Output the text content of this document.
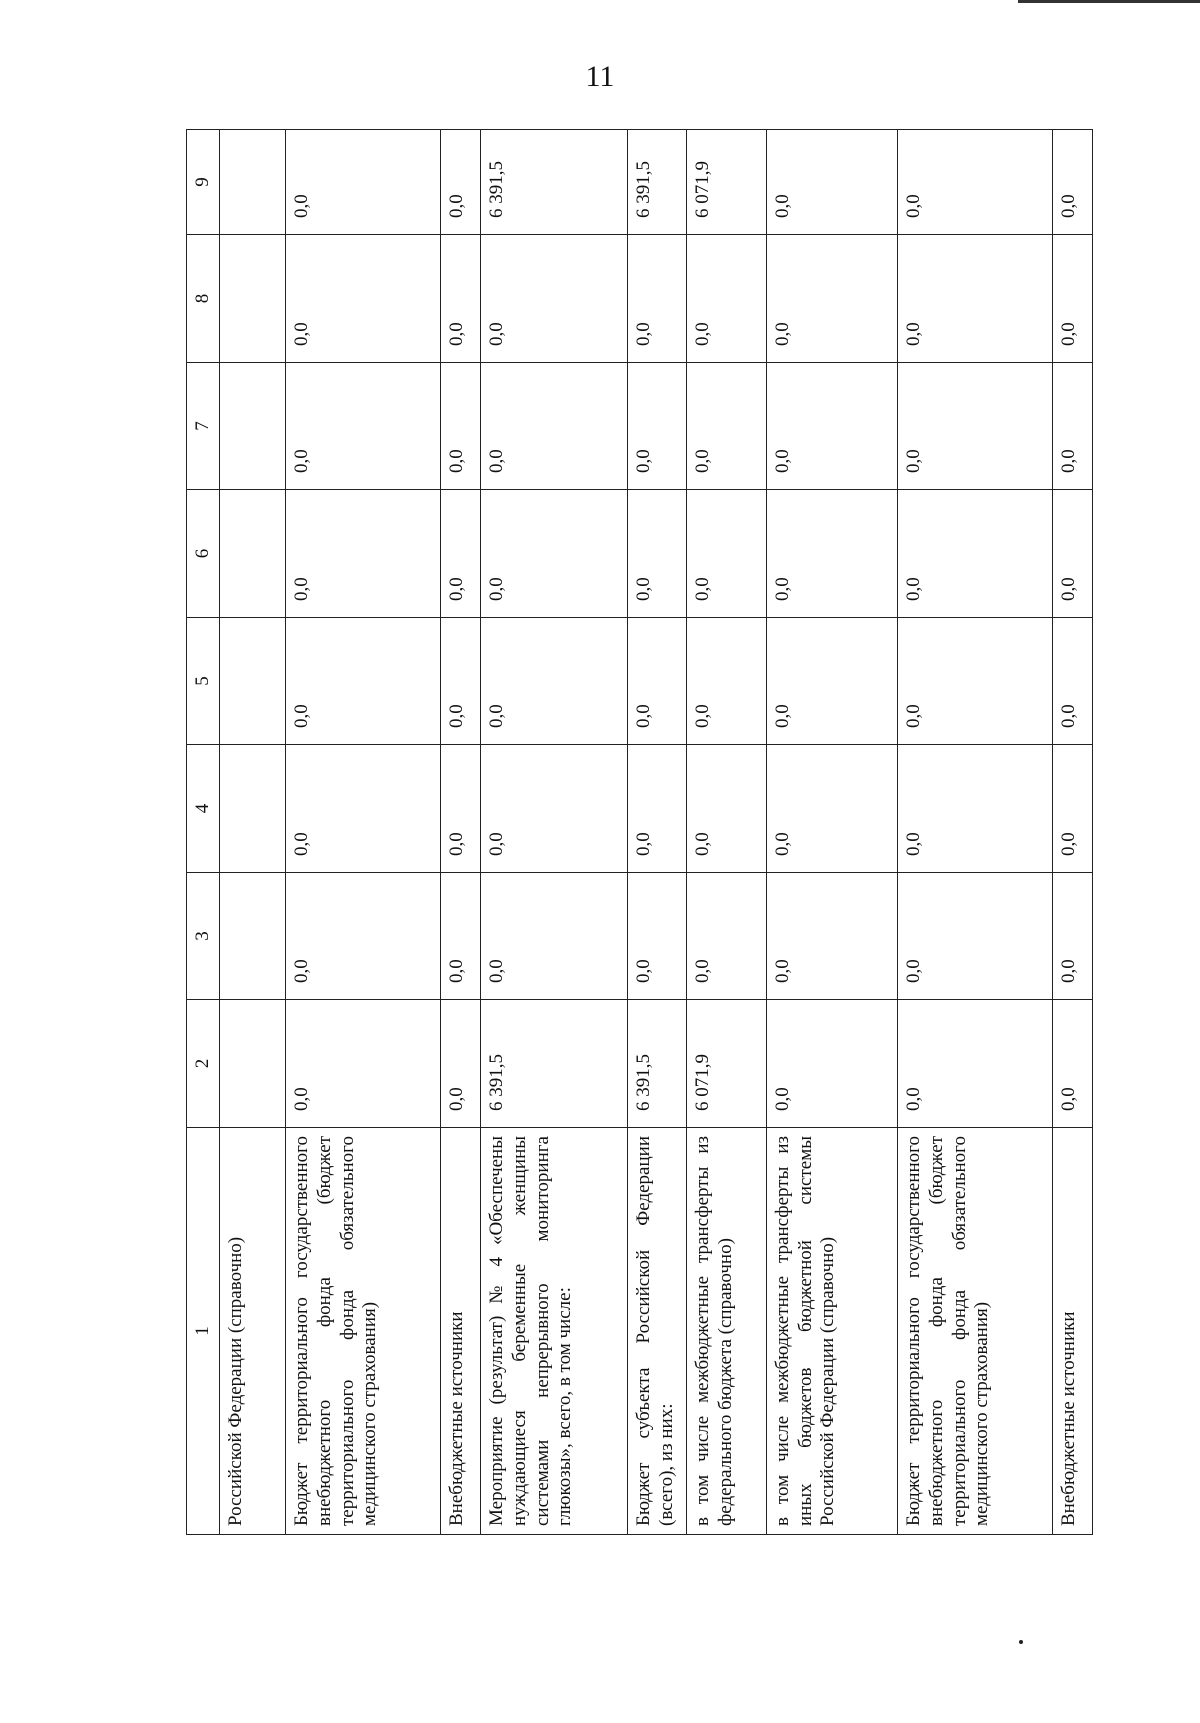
11
1	2	3	4	5	6	7	8	9
Российской Федерации (справочно)								
Бюджет территориального государственного внебюджетного фонда (бюджет территориального фонда обязательного медицинского страхования)	0,0	0,0	0,0	0,0	0,0	0,0	0,0	0,0
Внебюджетные источники	0,0	0,0	0,0	0,0	0,0	0,0	0,0	0,0
Мероприятие (результат) № 4 «Обеспечены нуждающиеся беременные женщины системами непрерывного мониторинга глюкозы», всего, в том числе:	6 391,5	0,0	0,0	0,0	0,0	0,0	0,0	6 391,5
Бюджет субъекта Российской Федерации (всего), из них:	6 391,5	0,0	0,0	0,0	0,0	0,0	0,0	6 391,5
в том числе межбюджетные трансферты из федерального бюджета (справочно)	6 071,9	0,0	0,0	0,0	0,0	0,0	0,0	6 071,9
в том числе межбюджетные трансферты из иных бюджетов бюджетной системы Российской Федерации (справочно)	0,0	0,0	0,0	0,0	0,0	0,0	0,0	0,0
Бюджет территориального государственного внебюджетного фонда (бюджет территориального фонда обязательного медицинского страхования)	0,0	0,0	0,0	0,0	0,0	0,0	0,0	0,0
Внебюджетные источники	0,0	0,0	0,0	0,0	0,0	0,0	0,0	0,0
